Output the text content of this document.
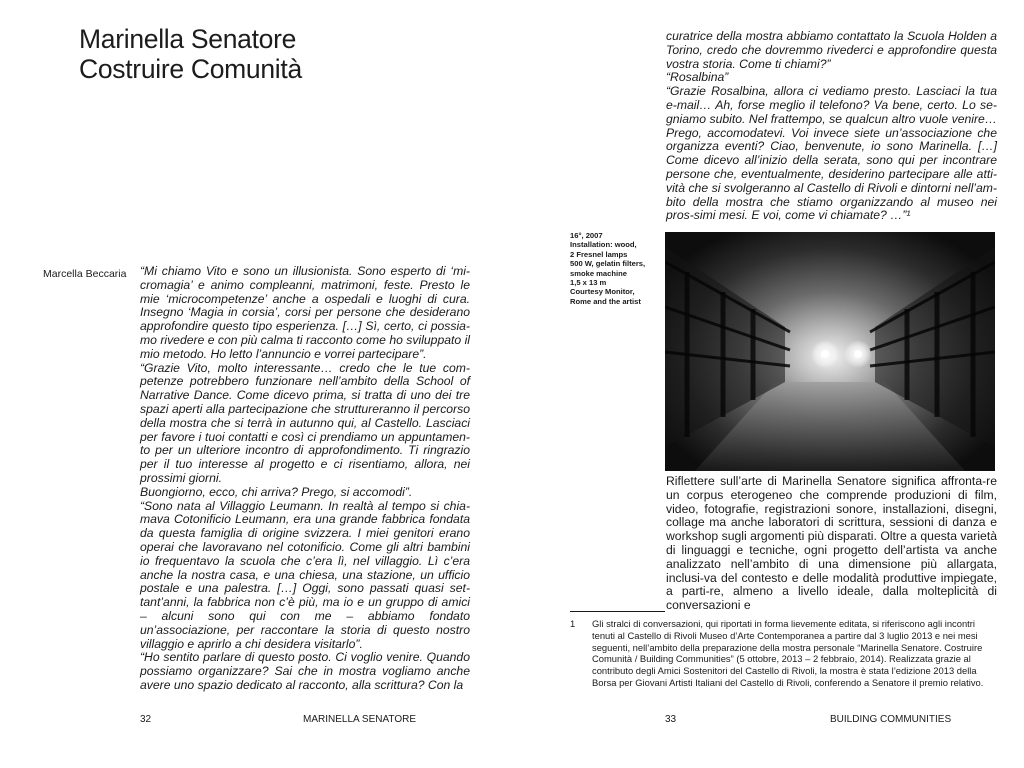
Marinella Senatore
Costruire Comunità
Marcella Beccaria “Mi chiamo Vito e sono un illusionista. Sono esperto di ‘mi-cromagia’ e animo compleanni, matrimoni, feste. Presto le mie ‘microcompetenze’ anche a ospedali e luoghi di cura. Insegno ‘Magia in corsia’, corsi per persone che desiderano approfondire questo tipo esperienza. […] Sì, certo, ci possia-mo rivedere e con più calma ti racconto come ho sviluppato il mio metodo. Ho letto l’annuncio e vorrei partecipare”.

“Grazie Vito, molto interessante… credo che le tue com-petenze potrebbero funzionare nell’ambito della School of Narrative Dance. Come dicevo prima, si tratta di uno dei tre spazi aperti alla partecipazione che struttureranno il percorso della mostra che si terrà in autunno qui, al Castello. Lasciaci per favore i tuoi contatti e così ci prendiamo un appuntamen-to per un ulteriore incontro di approfondimento. Ti ringrazio per il tuo interesse al progetto e ci risentiamo, allora, nei prossimi giorni.

Buongiorno, ecco, chi arriva? Prego, si accomodi”.

“Sono nata al Villaggio Leumann. In realtà al tempo si chia-mava Cotonificio Leumann, era una grande fabbrica fondata da questa famiglia di origine svizzera. I miei genitori erano operai che lavoravano nel cotonificio. Come gli altri bambini io frequentavo la scuola che c’era lì, nel villaggio. Lì c’era anche la nostra casa, e una chiesa, una stazione, un ufficio postale e una palestra. […] Oggi, sono passati quasi set-tant’anni, la fabbrica non c’è più, ma io e un gruppo di amici – alcuni sono qui con me – abbiamo fondato un’associazione, per raccontare la storia di questo nostro villaggio e aprirlo a chi desidera visitarlo”.

“Ho sentito parlare di questo posto. Ci voglio venire. Quando possiamo organizzare? Sai che in mostra vogliamo anche avere uno spazio dedicato al racconto, alla scrittura? Con la

32	MARINELLA SENATORE

curatrice della mostra abbiamo contattato la Scuola Holden a Torino, credo che dovremmo rivederci e approfondire questa vostra storia. Come ti chiami?”

“Rosalbina”

“Grazie Rosalbina, allora ci vediamo presto. Lasciaci la tua e-mail… Ah, forse meglio il telefono? Va bene, certo. Lo se-gniamo subito. Nel frattempo, se qualcun altro vuole venire… Prego, accomodatevi. Voi invece siete un’associazione che organizza eventi? Ciao, benvenute, io sono Marinella. […] Come dicevo all’inizio della serata, sono qui per incontrare persone che, eventualmente, desiderino partecipare alle atti-vità che si svolgeranno al Castello di Rivoli e dintorni nell’am-bito della mostra che stiamo organizzando al museo nei pros-simi mesi. E voi, come vi chiamate? …”¹

16°, 2007
Installation: wood,
2 Fresnel lamps
500 W, gelatin filters,
smoke machine
1,5 x 13 m
Courtesy Monitor,
Rome and the artist

Riflettere sull’arte di Marinella Senatore significa affronta-re un corpus eterogeneo che comprende produzioni di film, video, fotografie, registrazioni sonore, installazioni, disegni, collage ma anche laboratori di scrittura, sessioni di danza e workshop sugli argomenti più disparati. Oltre a questa varietà di linguaggi e tecniche, ogni progetto dell’artista va anche analizzato nell’ambito di una dimensione più allargata, inclusi-va del contesto e delle modalità produttive impiegate, a parti-re, almeno a livello ideale, dalla molteplicità di conversazioni e

1 Gli stralci di conversazioni, qui riportati in forma lievemente editata, si riferiscono agli incontri tenuti al Castello di Rivoli Museo d’Arte Contemporanea a partire dal 3 luglio 2013 e nei mesi seguenti, nell’ambito della preparazione della mostra personale “Marinella Senatore. Costruire Comunità / Building Communities” (5 ottobre, 2013 – 2 febbraio, 2014). Realizzata grazie al contributo degli Amici Sostenitori del Castello di Rivoli, la mostra è stata l’edizione 2013 della Borsa per Giovani Artisti Italiani del Castello di Rivoli, conferendo a Senatore il premio relativo.
33	BUILDING COMMUNITIES
